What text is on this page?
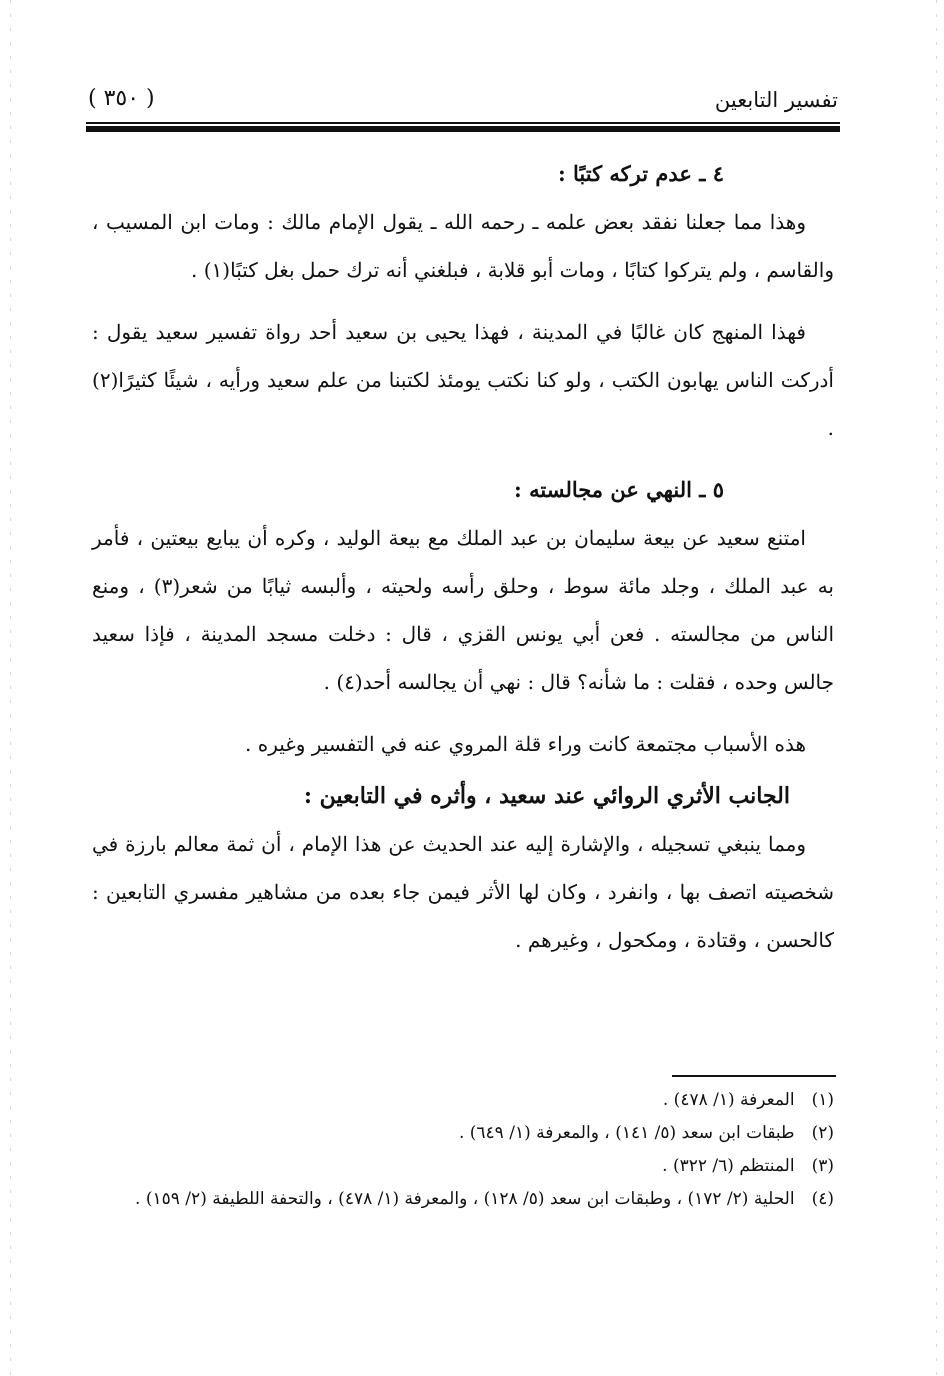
تفسير التابعين
( ٣٥٠ )

٤ ـ عدم تركه كتبًا :

وهذا مما جعلنا نفقد بعض علمه ـ رحمه الله ـ يقول الإمام مالك : ومات ابن المسيب ، والقاسم ، ولم يتركوا كتابًا ، ومات أبو قلابة ، فبلغني أنه ترك حمل بغل كتبًا(١) .

فهذا المنهج كان غالبًا في المدينة ، فهذا يحيى بن سعيد أحد رواة تفسير سعيد يقول : أدركت الناس يهابون الكتب ، ولو كنا نكتب يومئذ لكتبنا من علم سعيد ورأيه ، شيئًا كثيرًا(٢) .

٥ ـ النهي عن مجالسته :

امتنع سعيد عن بيعة سليمان بن عبد الملك مع بيعة الوليد ، وكره أن يبايع بيعتين ، فأمر به عبد الملك ، وجلد مائة سوط ، وحلق رأسه ولحيته ، وألبسه ثيابًا من شعر(٣) ، ومنع الناس من مجالسته . فعن أبي يونس القزي ، قال : دخلت مسجد المدينة ، فإذا سعيد جالس وحده ، فقلت : ما شأنه؟ قال : نهي أن يجالسه أحد(٤) .

هذه الأسباب مجتمعة كانت وراء قلة المروي عنه في التفسير وغيره .

الجانب الأثري الروائي عند سعيد ، وأثره في التابعين :

ومما ينبغي تسجيله ، والإشارة إليه عند الحديث عن هذا الإمام ، أن ثمة معالم بارزة في شخصيته اتصف بها ، وانفرد ، وكان لها الأثر فيمن جاء بعده من مشاهير مفسري التابعين : كالحسن ، وقتادة ، ومكحول ، وغيرهم .

(١) المعرفة (١/ ٤٧٨) .

(٢) طبقات ابن سعد (٥/ ١٤١) ، والمعرفة (١/ ٦٤٩) .

(٣) المنتظم (٦/ ٣٢٢) .

(٤) الحلية (٢/ ١٧٢) ، وطبقات ابن سعد (٥/ ١٢٨) ، والمعرفة (١/ ٤٧٨) ، والتحفة اللطيفة (٢/ ١٥٩) .
